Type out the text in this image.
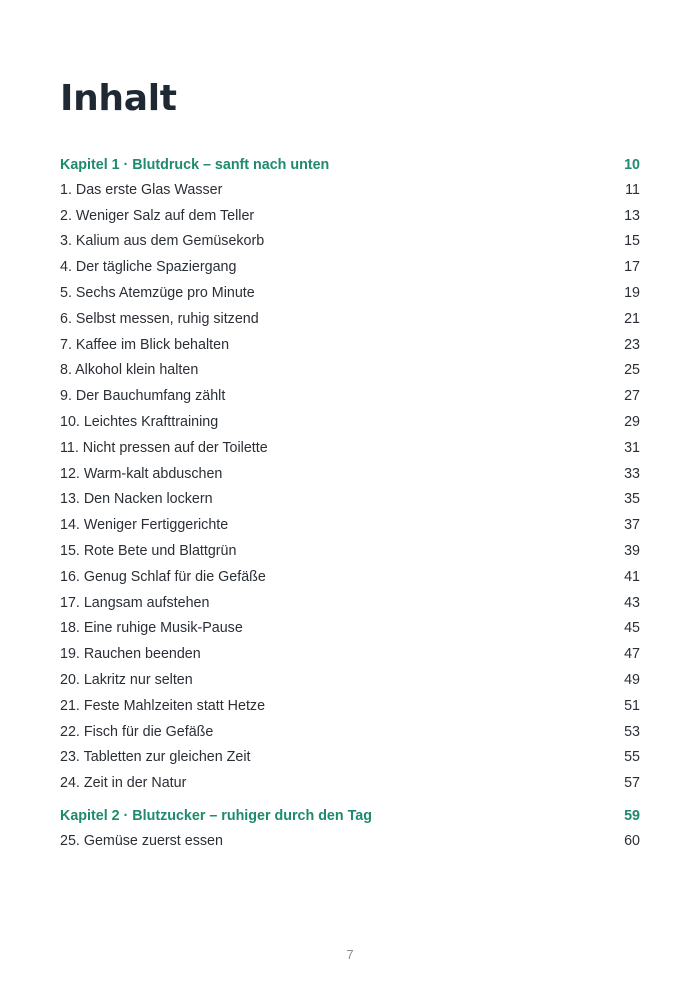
Inhalt
Kapitel 1 · Blutdruck – sanft nach unten	10
1. Das erste Glas Wasser	11
2. Weniger Salz auf dem Teller	13
3. Kalium aus dem Gemüsekorb	15
4. Der tägliche Spaziergang	17
5. Sechs Atemzüge pro Minute	19
6. Selbst messen, ruhig sitzend	21
7. Kaffee im Blick behalten	23
8. Alkohol klein halten	25
9. Der Bauchumfang zählt	27
10. Leichtes Krafttraining	29
11. Nicht pressen auf der Toilette	31
12. Warm-kalt abduschen	33
13. Den Nacken lockern	35
14. Weniger Fertiggerichte	37
15. Rote Bete und Blattgrün	39
16. Genug Schlaf für die Gefäße	41
17. Langsam aufstehen	43
18. Eine ruhige Musik-Pause	45
19. Rauchen beenden	47
20. Lakritz nur selten	49
21. Feste Mahlzeiten statt Hetze	51
22. Fisch für die Gefäße	53
23. Tabletten zur gleichen Zeit	55
24. Zeit in der Natur	57
Kapitel 2 · Blutzucker – ruhiger durch den Tag	59
25. Gemüse zuerst essen	60
7
